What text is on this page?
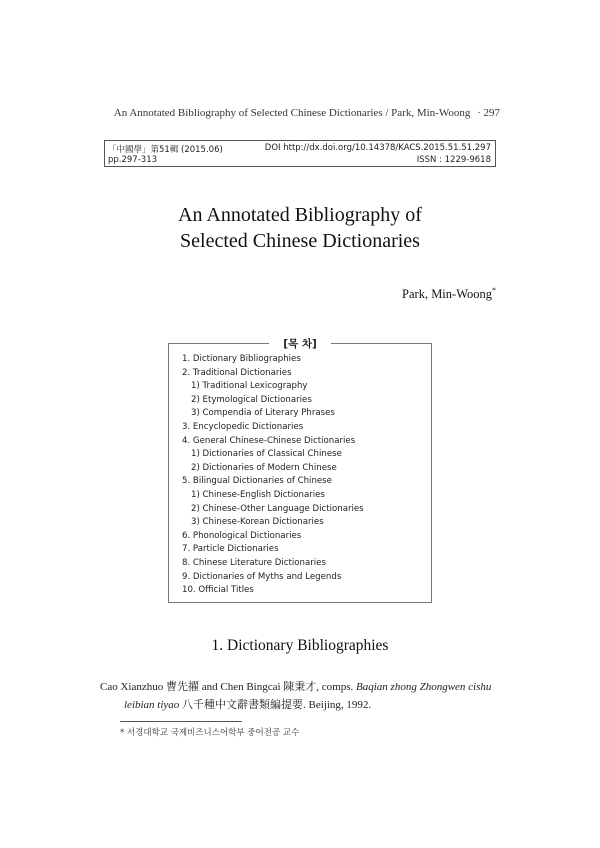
An Annotated Bibliography of Selected Chinese Dictionaries / Park, Min-Woong · 297
「中國學」第51輯 (2015.06)
pp.297-313
DOI http://dx.doi.org/10.14378/KACS.2015.51.51.297
ISSN : 1229-9618
An Annotated Bibliography of
Selected Chinese Dictionaries
Park, Min-Woong*
[목 차]
1. Dictionary Bibliographies
2. Traditional Dictionaries
1) Traditional Lexicography
2) Etymological Dictionaries
3) Compendia of Literary Phrases
3. Encyclopedic Dictionaries
4. General Chinese-Chinese Dictionaries
1) Dictionaries of Classical Chinese
2) Dictionaries of Modern Chinese
5. Bilingual Dictionaries of Chinese
1) Chinese-English Dictionaries
2) Chinese-Other Language Dictionaries
3) Chinese-Korean Dictionaries
6. Phonological Dictionaries
7. Particle Dictionaries
8. Chinese Literature Dictionaries
9. Dictionaries of Myths and Legends
10. Official Titles
1. Dictionary Bibliographies
Cao Xianzhuo 曹先擢 and Chen Bingcai 陳秉才, comps. Baqian zhong Zhongwen cishu
leibian tiyao 八千種中文辭書類編提要. Beijing, 1992.
* 서경대학교 국제비즈니스어학부 중어전공 교수
